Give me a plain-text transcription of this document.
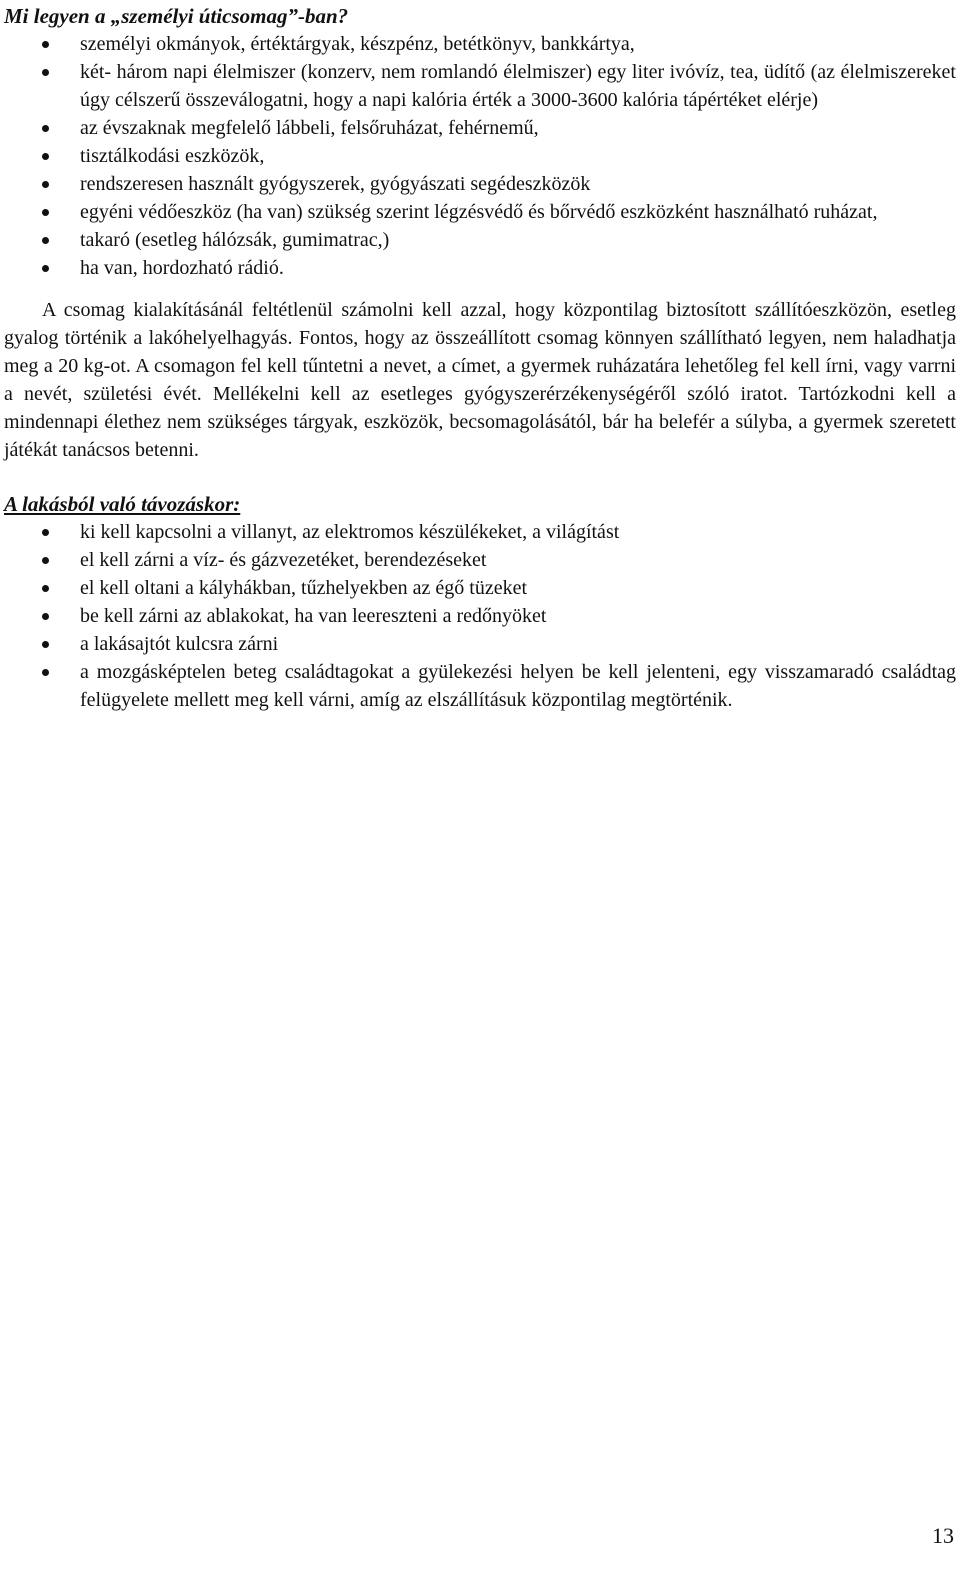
Mi legyen a „személyi úticsomag”-ban?
személyi okmányok, értéktárgyak, készpénz, betétkönyv, bankkártya,
két- három napi élelmiszer (konzerv, nem romlandó élelmiszer) egy liter ivóvíz, tea, üdítő (az élelmiszereket úgy célszerű összeválogatni, hogy a napi kalória érték a 3000-3600 kalória tápértéket elérje)
az évszaknak megfelelő lábbeli, felsőruházat, fehérnemű,
tisztálkodási eszközök,
rendszeresen használt gyógyszerek, gyógyászati segédeszközök
egyéni védőeszköz (ha van) szükség szerint légzésvédő és bőrvédő eszközként használható ruházat,
takaró (esetleg hálózsák, gumimatrac,)
ha van, hordozható rádió.

A csomag kialakításánál feltétlenül számolni kell azzal, hogy központilag biztosított szállítóeszközön, esetleg gyalog történik a lakóhelyelhagyás. Fontos, hogy az összeállított csomag könnyen szállítható legyen, nem haladhatja meg a 20 kg-ot. A csomagon fel kell tűntetni a nevet, a címet, a gyermek ruházatára lehetőleg fel kell írni, vagy varrni a nevét, születési évét. Mellékelni kell az esetleges gyógyszerérzékenységéről szóló iratot. Tartózkodni kell a mindennapi élethez nem szükséges tárgyak, eszközök, becsomagolásától, bár ha belefér a súlyba, a gyermek szeretett játékát tanácsos betenni.

A lakásból való távozáskor:
ki kell kapcsolni a villanyt, az elektromos készülékeket, a világítást
el kell zárni a víz- és gázvezetéket, berendezéseket
el kell oltani a kályhákban, tűzhelyekben az égő tüzeket
be kell zárni az ablakokat, ha van leereszteni a redőnyöket
a lakásajtót kulcsra zárni
a mozgásképtelen beteg családtagokat a gyülekezési helyen be kell jelenteni, egy visszamaradó családtag felügyelete mellett meg kell várni, amíg az elszállításuk központilag megtörténik.
13
